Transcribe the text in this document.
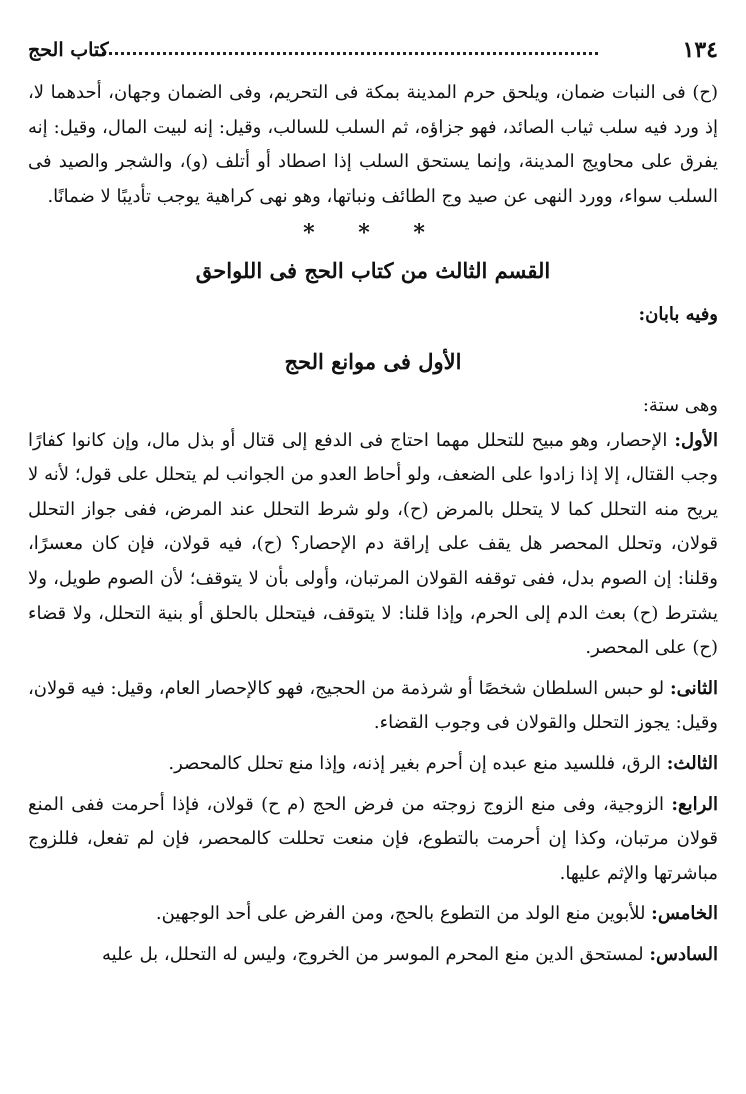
١٣٤
كتاب الحج

(ح) فى النبات ضمان، ويلحق حرم المدينة بمكة فى التحريم، وفى الضمان وجهان، أحدهما لا، إذ ورد فيه سلب ثياب الصائد، فهو جزاؤه، ثم السلب للسالب، وقيل: إنه لبيت المال، وقيل: إنه يفرق على محاويج المدينة، وإنما يستحق السلب إذا اصطاد أو أتلف (و)، والشجر والصيد فى السلب سواء، وورد النهى عن صيد وج الطائف ونباتها، وهو نهى كراهية يوجب تأديبًا لا ضمانًا.

* * *
القسم الثالث من كتاب الحج فى اللواحق

وفيه بابان:

الأول فى موانع الحج

وهى ستة:

الأول: الإحصار، وهو مبيح للتحلل مهما احتاج فى الدفع إلى قتال أو بذل مال، وإن كانوا كفارًا وجب القتال، إلا إذا زادوا على الضعف، ولو أحاط العدو من الجوانب لم يتحلل على قول؛ لأنه لا يريح منه التحلل كما لا يتحلل بالمرض (ح)، ولو شرط التحلل عند المرض، ففى جواز التحلل قولان، وتحلل المحصر هل يقف على إراقة دم الإحصار؟ (ح)، فيه قولان، فإن كان معسرًا، وقلنا: إن الصوم بدل، ففى توقفه القولان المرتبان، وأولى بأن لا يتوقف؛ لأن الصوم طويل، ولا يشترط (ح) بعث الدم إلى الحرم، وإذا قلنا: لا يتوقف، فيتحلل بالحلق أو بنية التحلل، ولا قضاء (ح) على المحصر.

الثانى: لو حبس السلطان شخصًا أو شرذمة من الحجيج، فهو كالإحصار العام، وقيل: فيه قولان، وقيل: يجوز التحلل والقولان فى وجوب القضاء.

الثالث: الرق، فللسيد منع عبده إن أحرم بغير إذنه، وإذا منع تحلل كالمحصر.

الرابع: الزوجية، وفى منع الزوج زوجته من فرض الحج (م ح) قولان، فإذا أحرمت ففى المنع قولان مرتبان، وكذا إن أحرمت بالتطوع، فإن منعت تحللت كالمحصر، فإن لم تفعل، فللزوج مباشرتها والإثم عليها.

الخامس: للأبوين منع الولد من التطوع بالحج، ومن الفرض على أحد الوجهين.

السادس: لمستحق الدين منع المحرم الموسر من الخروج، وليس له التحلل، بل عليه
